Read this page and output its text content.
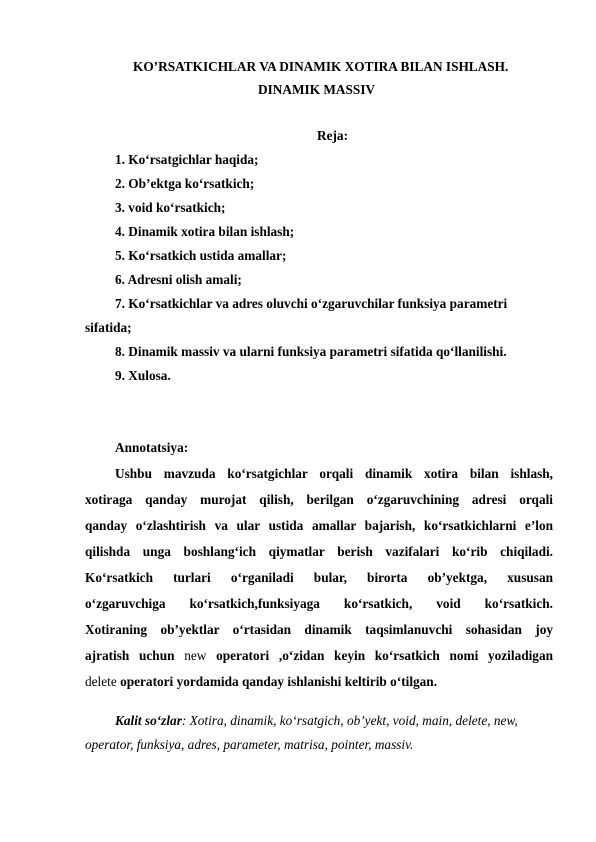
KO’RSATKICHLAR VA DINAMIK XOTIRA BILAN ISHLASH.
DINAMIK MASSIV
Reja:
1. Ko‘rsatgichlar haqida;
2. Ob’ektga ko‘rsatkich;
3. void ko‘rsatkich;
4. Dinamik xotira bilan ishlash;
5. Ko‘rsatkich ustida amallar;
6. Adresni olish amali;
7. Ko‘rsatkichlar va adres oluvchi o‘zgaruvchilar funksiya parametri
sifatida;
8. Dinamik massiv va ularni funksiya parametri sifatida qo‘llanilishi.
9. Xulosa.
Annotatsiya:
Ushbu mavzuda ko‘rsatgichlar orqali dinamik xotira bilan ishlash,
xotiraga qanday murojat qilish, berilgan o‘zgaruvchining adresi orqali
qanday o‘zlashtirish va ular ustida amallar bajarish, ko‘rsatkichlarni e’lon
qilishda unga boshlang‘ich qiymatlar berish vazifalari ko‘rib chiqiladi.
Ko‘rsatkich turlari o‘rganiladi bular, birorta ob’yektga, xususan
o‘zgaruvchiga ko‘rsatkich,funksiyaga ko‘rsatkich, void ko‘rsatkich.
Xotiraning ob’yektlar o‘rtasidan dinamik taqsimlanuvchi sohasidan joy
ajratish uchun new operatori ,o‘zidan keyin ko‘rsatkich nomi yoziladigan
delete operatori yordamida qanday ishlanishi keltirib o‘tilgan.
Kalit so‘zlar: Xotira, dinamik, ko‘rsatgich, ob’yekt, void, main, delete, new,
operator, funksiya, adres, parameter, matrisa, pointer, massiv.
